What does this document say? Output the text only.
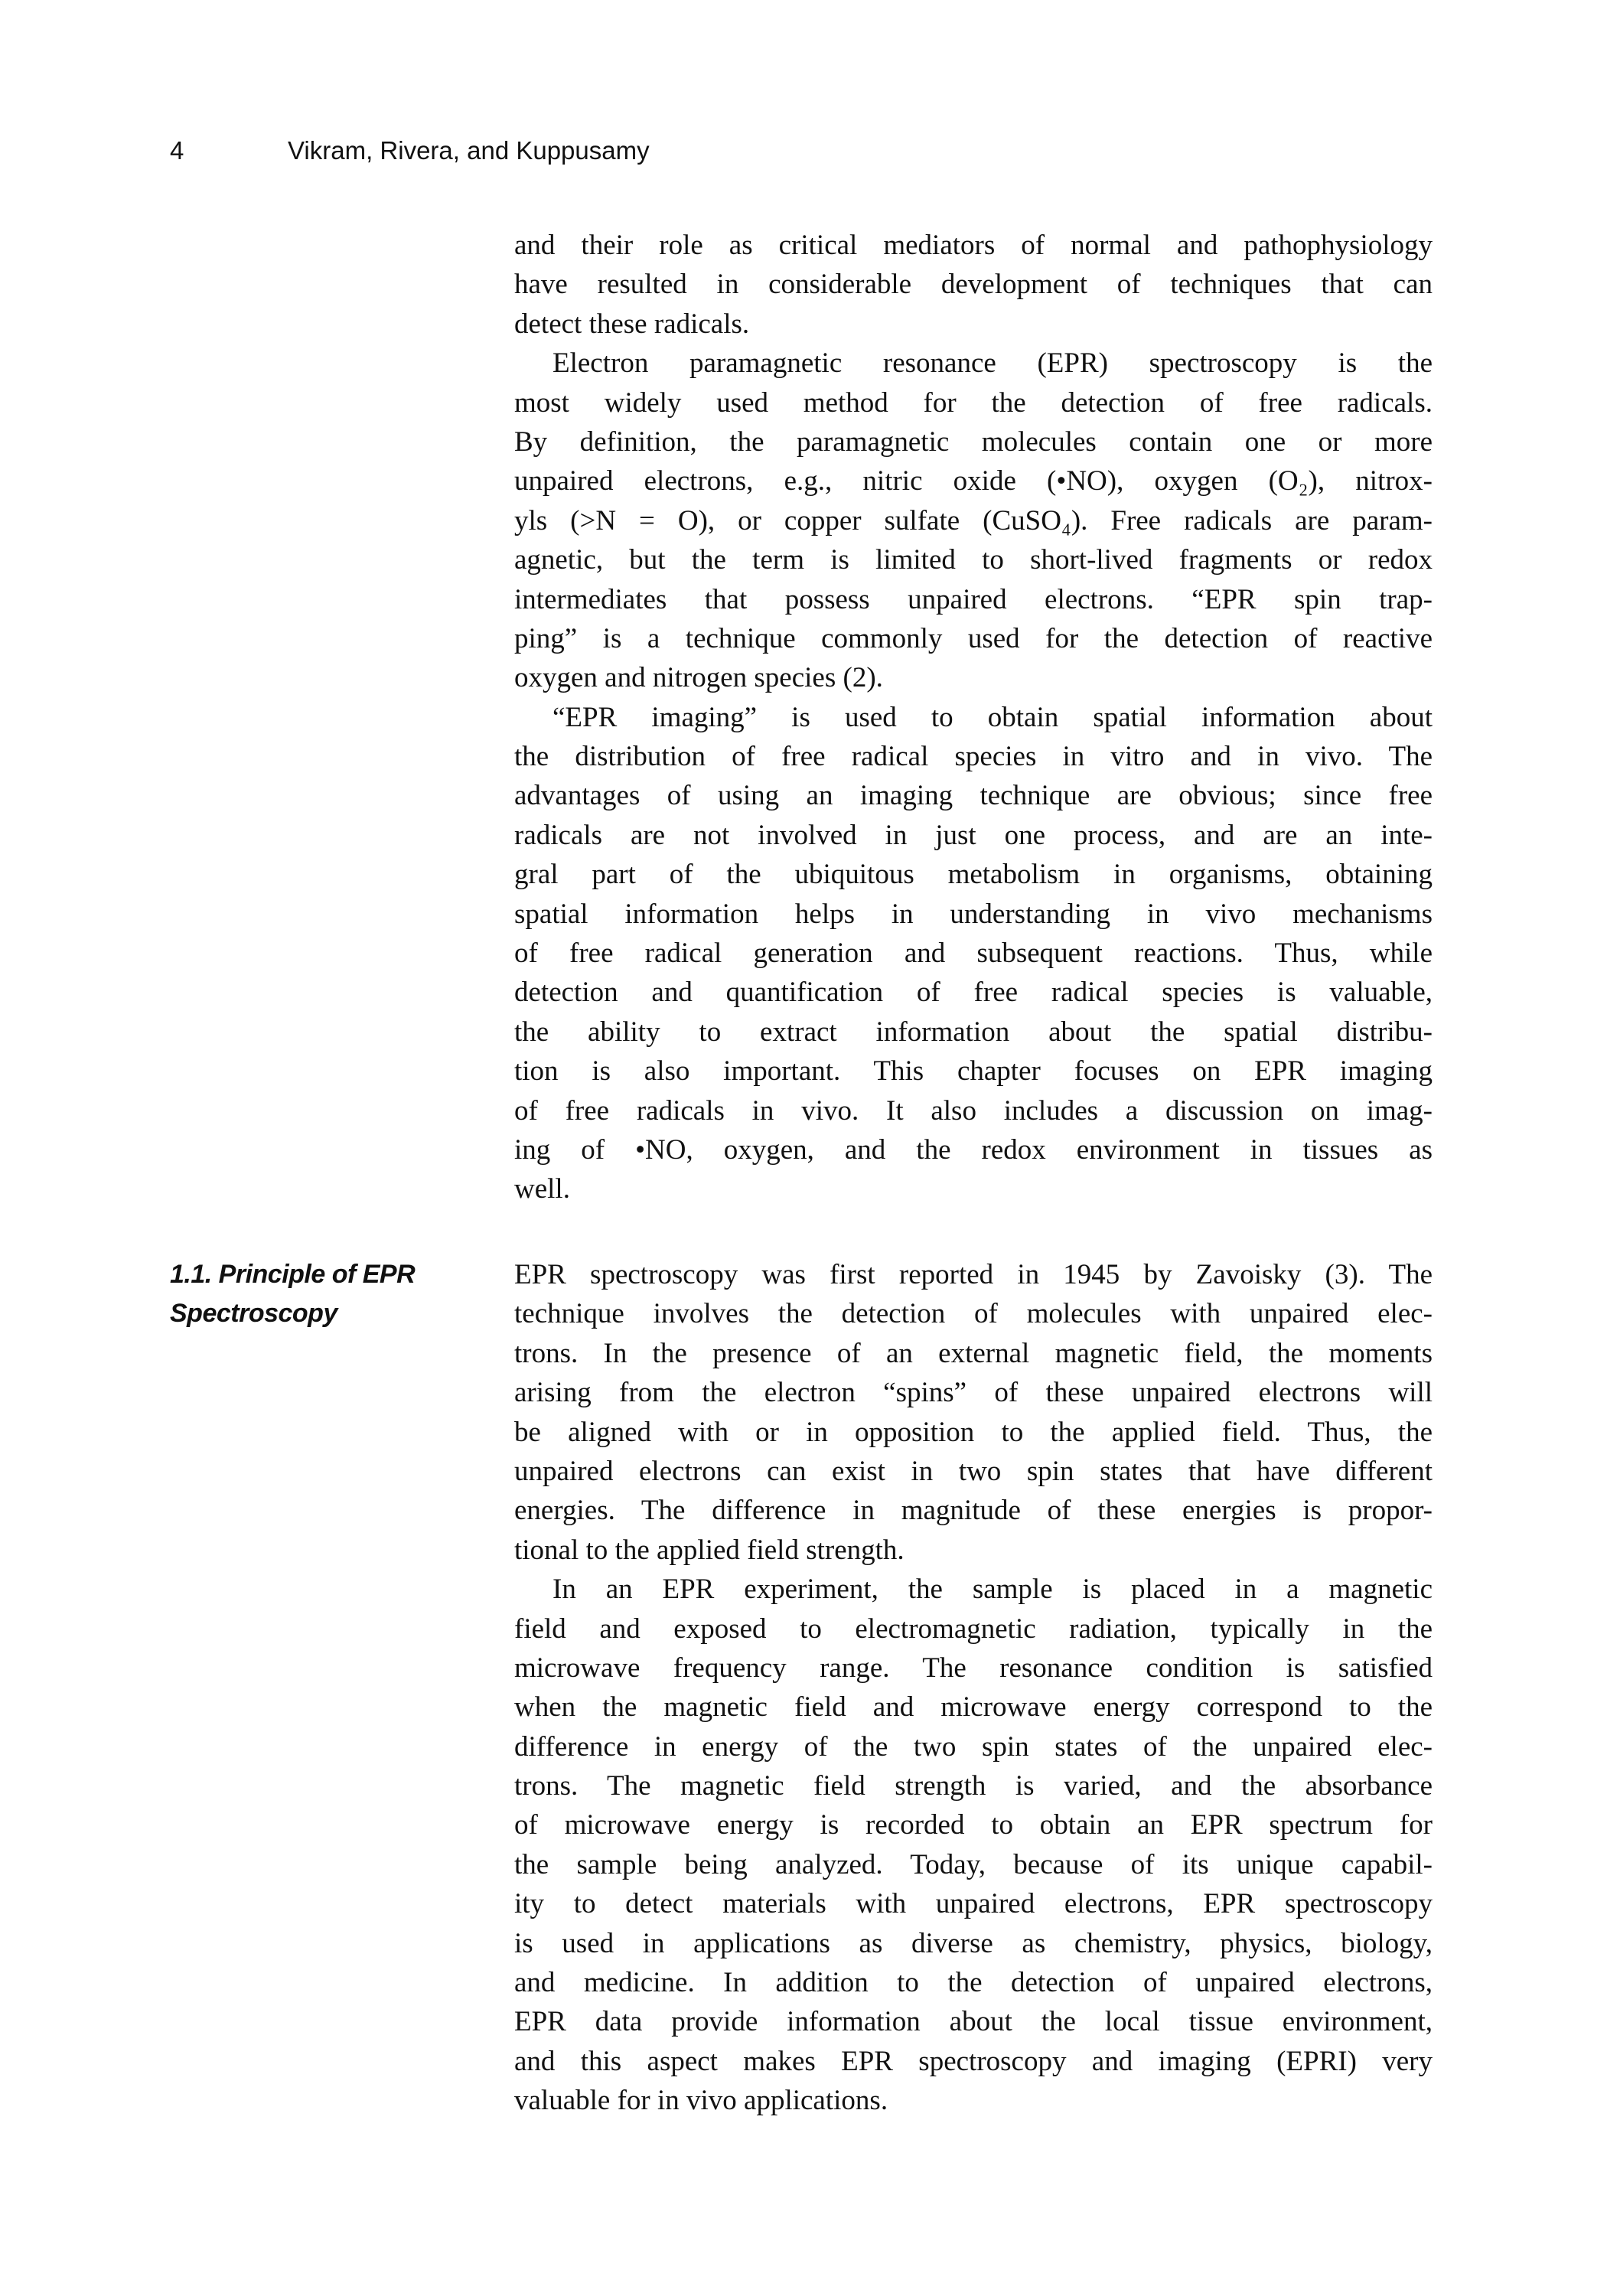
4	Vikram, Rivera, and Kuppusamy
and their role as critical mediators of normal and pathophysiology
have resulted in considerable development of techniques that can
detect these radicals.
Electron paramagnetic resonance (EPR) spectroscopy is the
most widely used method for the detection of free radicals.
By definition, the paramagnetic molecules contain one or more
unpaired electrons, e.g., nitric oxide (•NO), oxygen (O₂), nitrox-
yls (>N = O), or copper sulfate (CuSO₄). Free radicals are param-
agnetic, but the term is limited to short-lived fragments or redox
intermediates that possess unpaired electrons. “EPR spin trap-
ping” is a technique commonly used for the detection of reactive
oxygen and nitrogen species (2).
“EPR imaging” is used to obtain spatial information about
the distribution of free radical species in vitro and in vivo. The
advantages of using an imaging technique are obvious; since free
radicals are not involved in just one process, and are an inte-
gral part of the ubiquitous metabolism in organisms, obtaining
spatial information helps in understanding in vivo mechanisms
of free radical generation and subsequent reactions. Thus, while
detection and quantification of free radical species is valuable,
the ability to extract information about the spatial distribu-
tion is also important. This chapter focuses on EPR imaging
of free radicals in vivo. It also includes a discussion on imag-
ing of •NO, oxygen, and the redox environment in tissues as
well.
1.1. Principle of EPR
Spectroscopy
EPR spectroscopy was first reported in 1945 by Zavoisky (3). The
technique involves the detection of molecules with unpaired elec-
trons. In the presence of an external magnetic field, the moments
arising from the electron “spins” of these unpaired electrons will
be aligned with or in opposition to the applied field. Thus, the
unpaired electrons can exist in two spin states that have different
energies. The difference in magnitude of these energies is propor-
tional to the applied field strength.
In an EPR experiment, the sample is placed in a magnetic
field and exposed to electromagnetic radiation, typically in the
microwave frequency range. The resonance condition is satisfied
when the magnetic field and microwave energy correspond to the
difference in energy of the two spin states of the unpaired elec-
trons. The magnetic field strength is varied, and the absorbance
of microwave energy is recorded to obtain an EPR spectrum for
the sample being analyzed. Today, because of its unique capabil-
ity to detect materials with unpaired electrons, EPR spectroscopy
is used in applications as diverse as chemistry, physics, biology,
and medicine. In addition to the detection of unpaired electrons,
EPR data provide information about the local tissue environment,
and this aspect makes EPR spectroscopy and imaging (EPRI) very
valuable for in vivo applications.
